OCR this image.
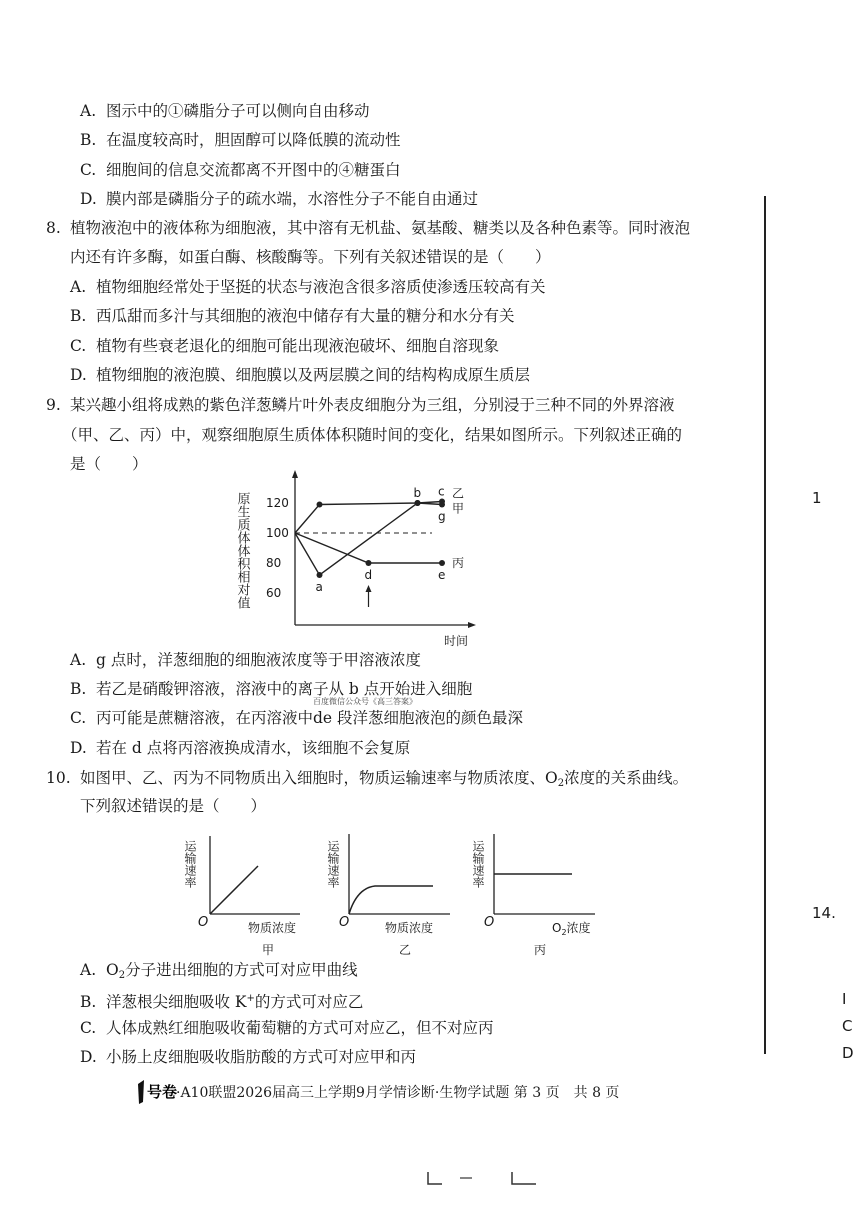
A. 图示中的①磷脂分子可以侧向自由移动
B. 在温度较高时，胆固醇可以降低膜的流动性
C. 细胞间的信息交流都离不开图中的④糖蛋白
D. 膜内部是磷脂分子的疏水端，水溶性分子不能自由通过
8. 植物液泡中的液体称为细胞液，其中溶有无机盐、氨基酸、糖类以及各种色素等。同时液泡
内还有许多酶，如蛋白酶、核酸酶等。下列有关叙述错误的是（　　）
A. 植物细胞经常处于坚挺的状态与液泡含很多溶质使渗透压较高有关
B. 西瓜甜而多汁与其细胞的液泡中储存有大量的糖分和水分有关
C. 植物有些衰老退化的细胞可能出现液泡破坏、细胞自溶现象
D. 植物细胞的液泡膜、细胞膜以及两层膜之间的结构构成原生质层
9. 某兴趣小组将成熟的紫色洋葱鳞片叶外表皮细胞分为三组，分别浸于三种不同的外界溶液
（甲、乙、丙）中，观察细胞原生质体体积随时间的变化，结果如图所示。下列叙述正确的
是（　　）
原生质体体积相对值
时间
60
80
100
120
b c 乙
a
g
甲
d	e
丙
A. g 点时，洋葱细胞的细胞液浓度等于甲溶液浓度
B. 若乙是硝酸钾溶液，溶液中的离子从 b 点开始进入细胞
百度微信公众号《高三答案》
C. 丙可能是蔗糖溶液，在丙溶液中de 段洋葱细胞液泡的颜色最深
D. 若在 d 点将丙溶液换成清水，该细胞不会复原
10. 如图甲、乙、丙为不同物质出入细胞时，物质运输速率与物质浓度、$O_2$浓度的关系曲线。
下列叙述错误的是（　　）
运输速率
O	物质浓度
甲
运输速率
O	物质浓度
乙
运输速率
O	$O_2$浓度
丙
A. $O_2$分子进出细胞的方式可对应甲曲线
B. 洋葱根尖细胞吸收 K+的方式可对应乙
C. 人体成熟红细胞吸收葡萄糖的方式可对应乙，但不对应丙
D. 小肠上皮细胞吸收脂肪酸的方式可对应甲和丙
1
14.
I
C
D
号卷
·A10联盟2026届高三上学期9月学情诊断·生物学试题 第 3 页　共 8 页
